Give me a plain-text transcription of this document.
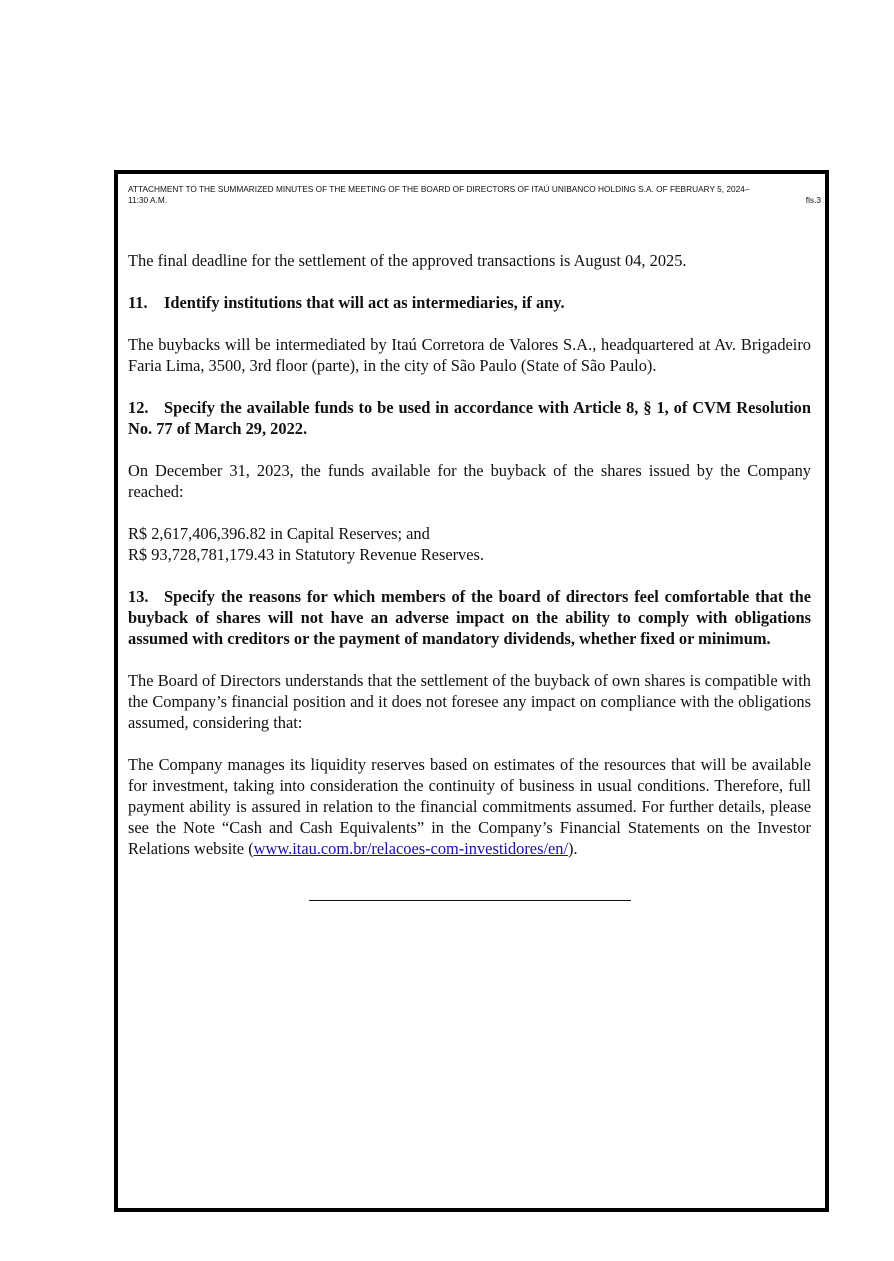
ATTACHMENT TO THE SUMMARIZED MINUTES OF THE MEETING OF THE BOARD OF DIRECTORS OF ITAÚ UNIBANCO HOLDING S.A. OF FEBRUARY 5, 2024–
11:30 A.M.	fls.3

The final deadline for the settlement of the approved transactions is August 04, 2025.

11. Identify institutions that will act as intermediaries, if any.

The buybacks will be intermediated by Itaú Corretora de Valores S.A., headquartered at Av. Brigadeiro Faria Lima, 3500, 3rd floor (parte), in the city of São Paulo (State of São Paulo).

12. Specify the available funds to be used in accordance with Article 8, § 1, of CVM Resolution No. 77 of March 29, 2022.

On December 31, 2023, the funds available for the buyback of the shares issued by the Company reached:

R$ 2,617,406,396.82 in Capital Reserves; and

R$ 93,728,781,179.43 in Statutory Revenue Reserves.

13. Specify the reasons for which members of the board of directors feel comfortable that the buyback of shares will not have an adverse impact on the ability to comply with obligations assumed with creditors or the payment of mandatory dividends, whether fixed or minimum.

The Board of Directors understands that the settlement of the buyback of own shares is compatible with the Company’s financial position and it does not foresee any impact on compliance with the obligations assumed, considering that:

The Company manages its liquidity reserves based on estimates of the resources that will be available for investment, taking into consideration the continuity of business in usual conditions. Therefore, full payment ability is assured in relation to the financial commitments assumed. For further details, please see the Note “Cash and Cash Equivalents” in the Company’s Financial Statements on the Investor Relations website (www.itau.com.br/relacoes-com-investidores/en/).
